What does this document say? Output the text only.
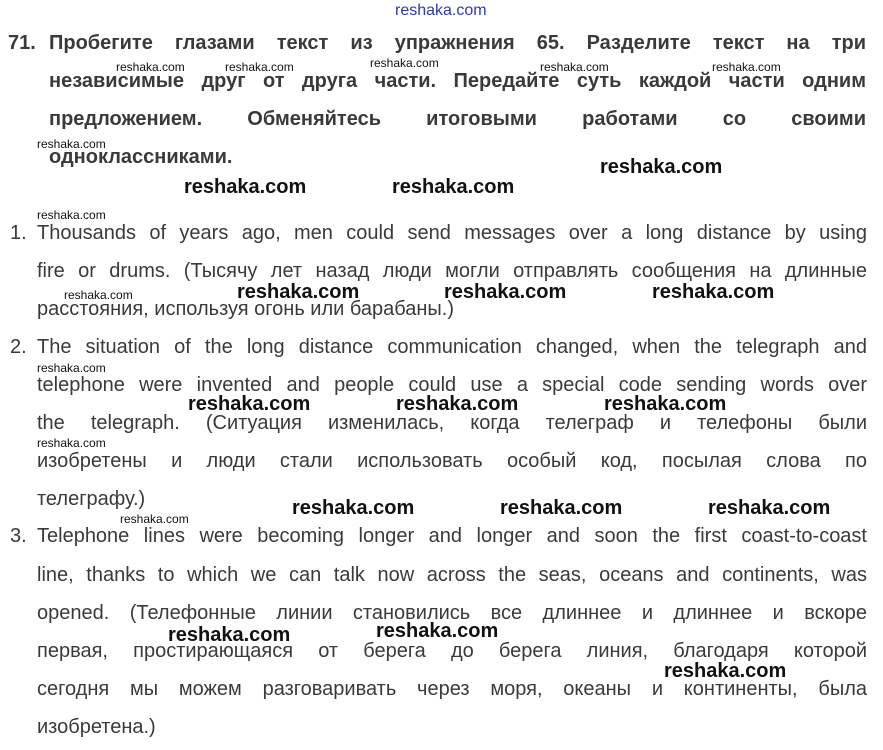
reshaka.com
reshaka.com	reshaka.com	reshaka.com	reshaka.com	reshaka.com
reshaka.com
reshaka.com
reshaka.com
reshaka.com
reshaka.com
reshaka.com
reshaka.com
reshaka.com	reshaka.com
reshaka.com	reshaka.com	reshaka.com
reshaka.com	reshaka.com	reshaka.com
reshaka.com	reshaka.com	reshaka.com
reshaka.com	reshaka.com
reshaka.com
71. Пробегите глазами текст из упражнения 65. Разделите текст на три
независимые друг от друга части. Передайте суть каждой части одним
предложением. Обменяйтесь итоговыми работами со своими
одноклассниками.
1. Thousands of years ago, men could send messages over a long distance by using
fire or drums. (Тысячу лет назад люди могли отправлять сообщения на длинные
расстояния, используя огонь или барабаны.)
2. The situation of the long distance communication changed, when the telegraph and
telephone were invented and people could use a special code sending words over
the telegraph. (Ситуация изменилась, когда телеграф и телефоны были
изобретены и люди стали использовать особый код, посылая слова по
телеграфу.)
3. Telephone lines were becoming longer and longer and soon the first coast-to-coast
line, thanks to which we can talk now across the seas, oceans and continents, was
opened. (Телефонные линии становились все длиннее и длиннее и вскоре
первая, простирающаяся от берега до берега линия, благодаря которой
сегодня мы можем разговаривать через моря, океаны и континенты, была
изобретена.)
